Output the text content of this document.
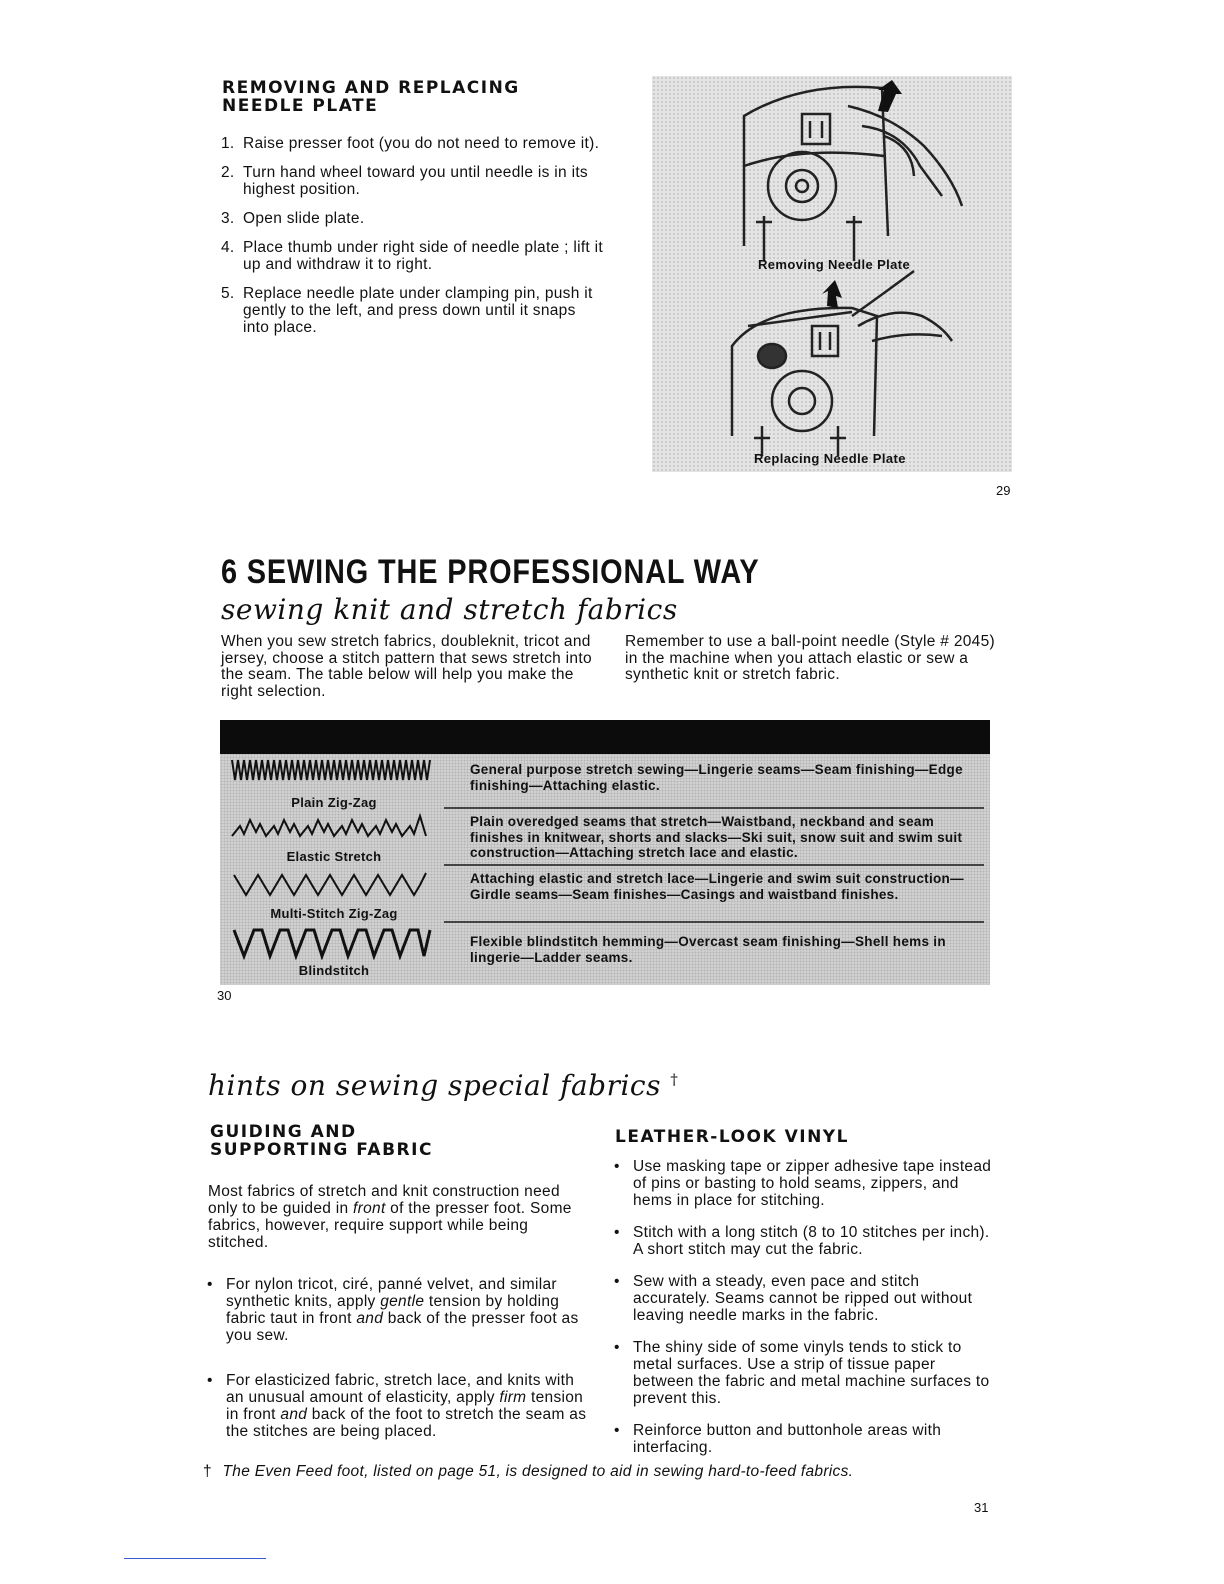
REMOVING AND REPLACING
NEEDLE PLATE
1. Raise presser foot (you do not need to remove it).
2. Turn hand wheel toward you until needle is in its highest position.
3. Open slide plate.
4. Place thumb under right side of needle plate ; lift it up and withdraw it to right.
5. Replace needle plate under clamping pin, push it gently to the left, and press down until it snaps into place.
Removing Needle Plate
Replacing Needle Plate
29
6 SEWING THE PROFESSIONAL WAY
sewing knit and stretch fabrics
When you sew stretch fabrics, doubleknit, tricot and jersey, choose a stitch pattern that sews stretch into the seam. The table below will help you make the right selection.
Remember to use a ball-point needle (Style # 2045) in the machine when you attach elastic or sew a synthetic knit or stretch fabric.
Plain Zig-Zag
General purpose stretch sewing—Lingerie seams—Seam finishing—Edge finishing—Attaching elastic.
Elastic Stretch
Plain overedged seams that stretch—Waistband, neckband and seam finishes in knitwear, shorts and slacks—Ski suit, snow suit and swim suit construction—Attaching stretch lace and elastic.
Multi-Stitch Zig-Zag
Attaching elastic and stretch lace—Lingerie and swim suit construction—Girdle seams—Seam finishes—Casings and waistband finishes.
Blindstitch
Flexible blindstitch hemming—Overcast seam finishing—Shell hems in lingerie—Ladder seams.
30
hints on sewing special fabrics †
GUIDING AND
SUPPORTING FABRIC
Most fabrics of stretch and knit construction need only to be guided in front of the presser foot. Some fabrics, however, require support while being stitched.
• For nylon tricot, ciré, panné velvet, and similar synthetic knits, apply gentle tension by holding fabric taut in front and back of the presser foot as you sew.
• For elasticized fabric, stretch lace, and knits with an unusual amount of elasticity, apply firm tension in front and back of the foot to stretch the seam as the stitches are being placed.
LEATHER-LOOK VINYL
• Use masking tape or zipper adhesive tape instead of pins or basting to hold seams, zippers, and hems in place for stitching.
• Stitch with a long stitch (8 to 10 stitches per inch). A short stitch may cut the fabric.
• Sew with a steady, even pace and stitch accurately. Seams cannot be ripped out without leaving needle marks in the fabric.
• The shiny side of some vinyls tends to stick to metal surfaces. Use a strip of tissue paper between the fabric and metal machine surfaces to prevent this.
• Reinforce button and buttonhole areas with interfacing.
† The Even Feed foot, listed on page 51, is designed to aid in sewing hard-to-feed fabrics.
31
